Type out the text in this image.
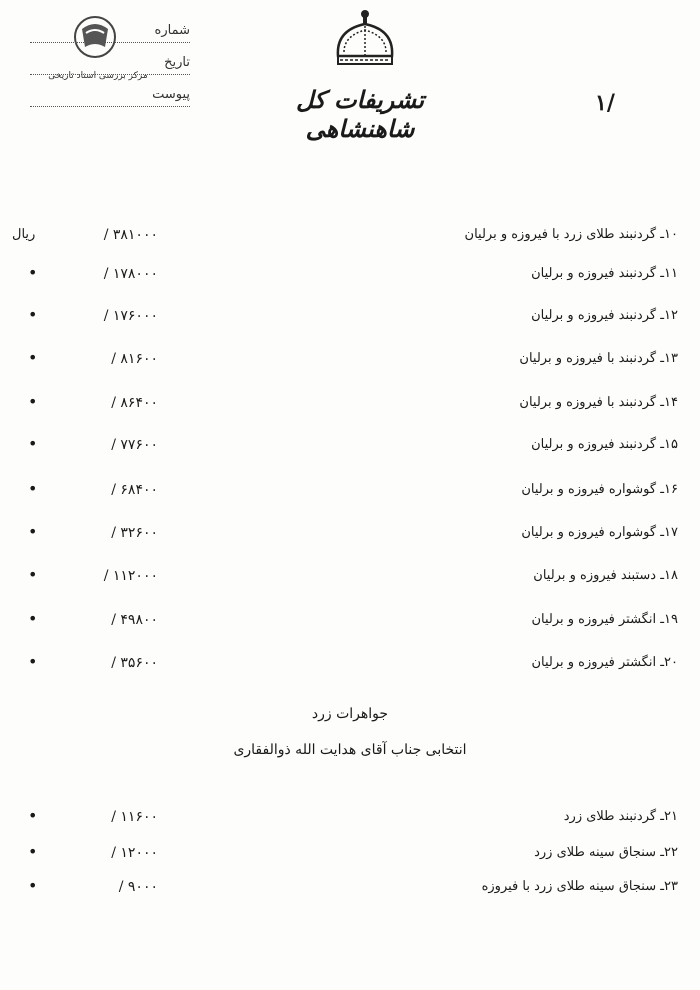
مرکز بررسی اسناد تاریخی
شماره
تاریخ
پیوست	تشریفات کل شاهنشاهی
۱/
ریال	/ ۳۸۱۰۰۰	۱۰ـ گردنبند طلای زرد با فیروزه و برلیان
•	/ ۱۷۸۰۰۰	۱۱ـ گردنبند فیروزه و برلیان
•	/ ۱۷۶۰۰۰	۱۲ـ گردنبند فیروزه و برلیان
•	/ ۸۱۶۰۰	۱۳ـ گردنبند با فیروزه و برلیان
•	/ ۸۶۴۰۰	۱۴ـ گردنبند با فیروزه و برلیان
•	/ ۷۷۶۰۰	۱۵ـ گردنبند فیروزه و برلیان
•	/ ۶۸۴۰۰	۱۶ـ گوشواره فیروزه و برلیان
•	/ ۳۲۶۰۰	۱۷ـ گوشواره فیروزه و برلیان
•	/ ۱۱۲۰۰۰	۱۸ـ دستبند فیروزه و برلیان
•	/ ۴۹۸۰۰	۱۹ـ انگشتر فیروزه و برلیان
•	/ ۳۵۶۰۰	۲۰ـ انگشتر فیروزه و برلیان
جواهرات زرد
انتخابی جناب آقای هدایت الله ذوالفقاری
•	/ ۱۱۶۰۰	۲۱ـ گردنبند طلای زرد
•	/ ۱۲۰۰۰	۲۲ـ سنجاق سینه طلای زرد
•	/ ۹۰۰۰	۲۳ـ سنجاق سینه طلای زرد با فیروزه
